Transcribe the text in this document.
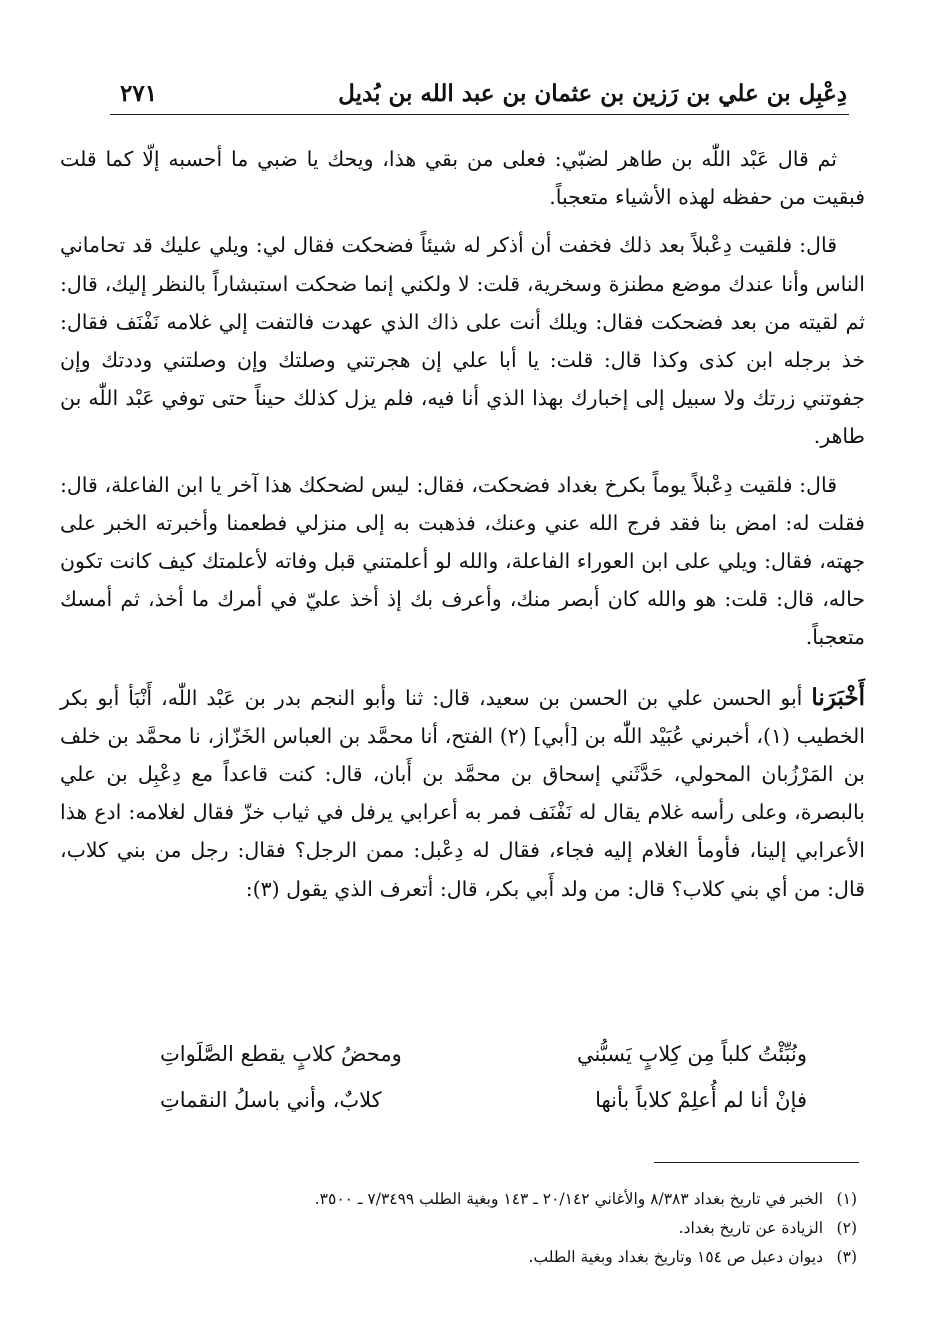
دِعْبِل بن علي بن رَزين بن عثمان بن عبد الله بن بُديل
٢٧١

ثم قال عَبْد اللّٰه بن طاهر لضبّي: فعلى من بقي هذا، ويحك يا ضبي ما أحسبه إلّا كما قلت فبقيت من حفظه لهذه الأشياء متعجباً.

قال: فلقيت دِعْبلاً بعد ذلك فخفت أن أذكر له شيئاً فضحكت فقال لي: ويلي عليك قد تحاماني الناس وأنا عندك موضع مطنزة وسخرية، قلت: لا ولكني إنما ضحكت استبشاراً بالنظر إليك، قال: ثم لقيته من بعد فضحكت فقال: ويلك أنت على ذاك الذي عهدت فالتفت إلي غلامه نَفْنَف فقال: خذ برجله ابن كذى وكذا قال: قلت: يا أبا علي إن هجرتني وصلتك وإن وصلتني وددتك وإن جفوتني زرتك ولا سبيل إلى إخبارك بهذا الذي أنا فيه، فلم يزل كذلك حيناً حتى توفي عَبْد اللّٰه بن طاهر.

قال: فلقيت دِعْبلاً يوماً بكرخ بغداد فضحكت، فقال: ليس لضحكك هذا آخر يا ابن الفاعلة، قال: فقلت له: امض بنا فقد فرج الله عني وعنك، فذهبت به إلى منزلي فطعمنا وأخبرته الخبر على جهته، فقال: ويلي على ابن العوراء الفاعلة، والله لو أعلمتني قبل وفاته لأعلمتك كيف كانت تكون حاله، قال: قلت: هو والله كان أبصر منك، وأعرف بك إذ أخذ عليّ في أمرك ما أخذ، ثم أمسك متعجباً.

أَخْبَرَنا أبو الحسن علي بن الحسن بن سعيد، قال: ثنا وأبو النجم بدر بن عَبْد اللّٰه، أَنْبَأ أبو بكر الخطيب (١)، أخبرني عُبَيْد اللّٰه بن [أبي] (٢) الفتح، أنا محمَّد بن العباس الخَزّاز، نا محمَّد بن خلف بن المَرْزُبان المحولي، حَدَّثَني إسحاق بن محمَّد بن أَبان، قال: كنت قاعداً مع دِعْبِل بن علي بالبصرة، وعلى رأسه غلام يقال له نَفْنَف فمر به أعرابي يرفل في ثياب خزّ فقال لغلامه: ادع هذا الأعرابي إلينا، فأومأ الغلام إليه فجاء، فقال له دِعْبل: ممن الرجل؟ فقال: رجل من بني كلاب، قال: من أي بني كلاب؟ قال: من ولد أَبي بكر، قال: أتعرف الذي يقول (٣):

ونُبِّئْتُ كلباً مِن كِلابٍ يَسبُّني
ومحضُ كلابٍ يقطع الصَّلَواتِ
فإنْ أنا لم أُعلِمْ كلاباً بأنها
كلابٌ، وأني باسلُ النقماتِ
(١)الخبر في تاريخ بغداد ٨/٣٨٣ والأغاني ٢٠/١٤٢ ـ ١٤٣ وبغية الطلب ٧/٣٤٩٩ ـ ٣٥٠٠.
(٢)الزيادة عن تاريخ بغداد.
(٣)ديوان دعبل ص ١٥٤ وتاريخ بغداد وبغية الطلب.
